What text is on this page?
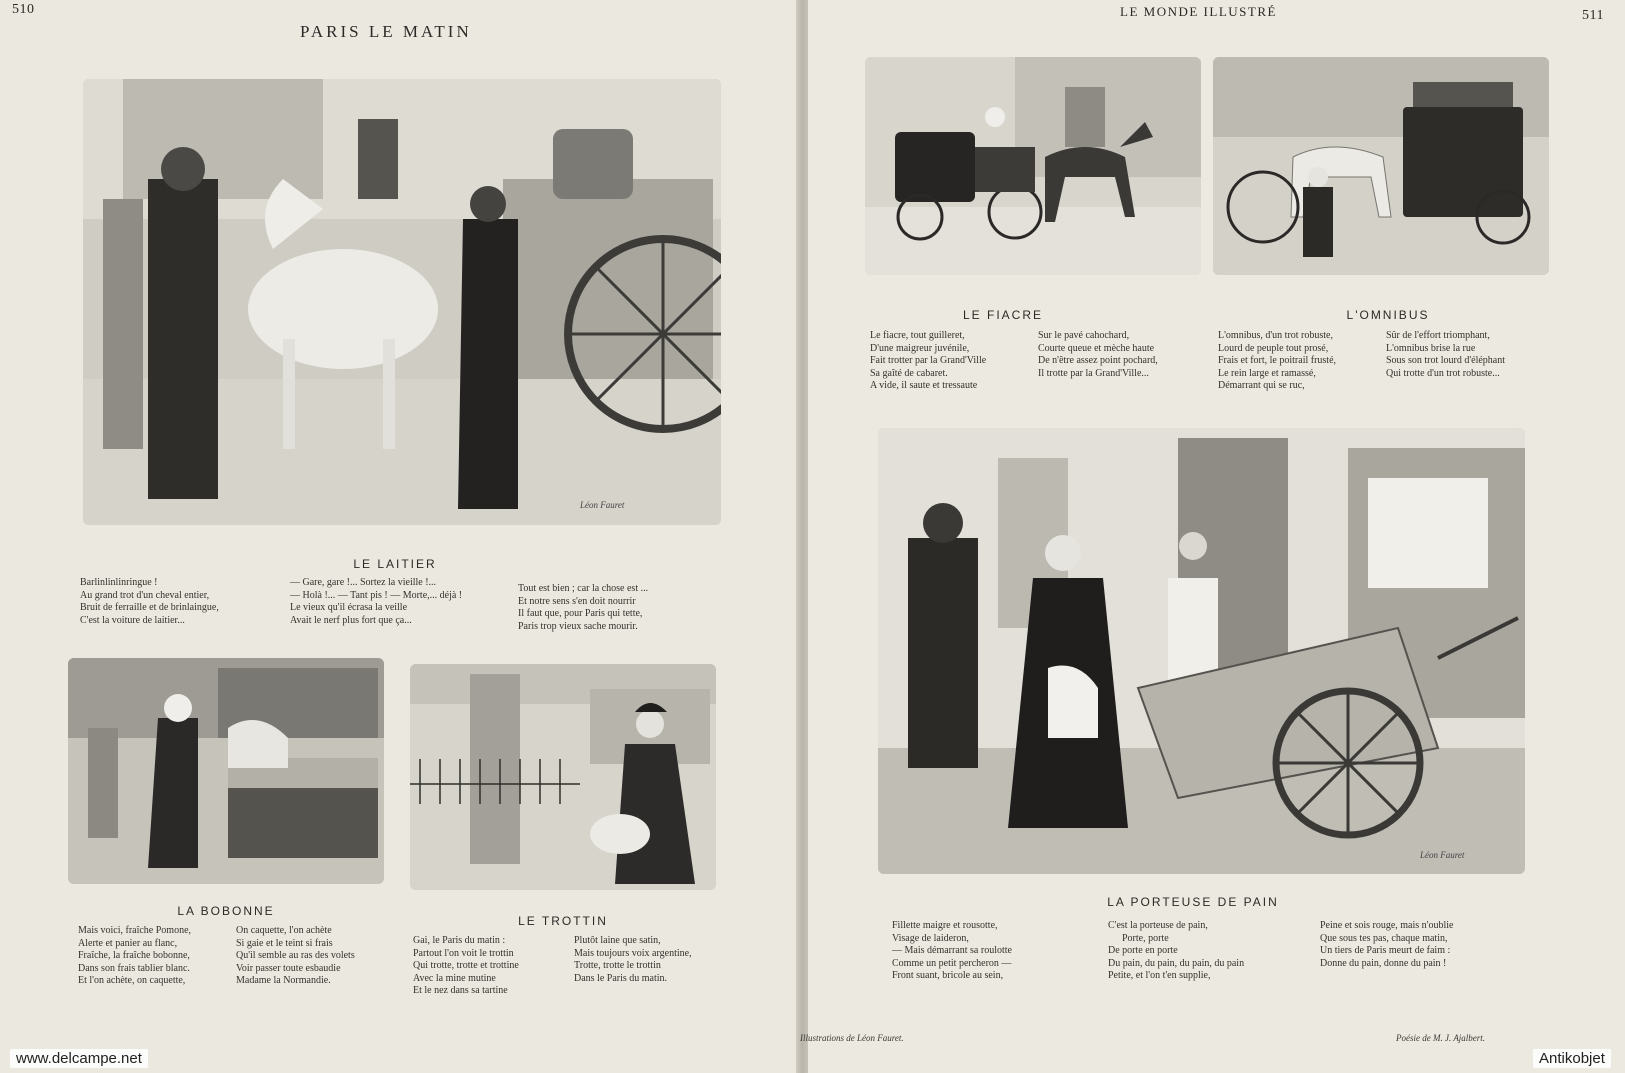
510
PARIS LE MATIN
Léon Fauret
LE LAITIER
Barlinlinlinringue !
Au grand trot d'un cheval entier,
Bruit de ferraille et de brinlaingue,
C'est la voiture de laitier...
— Gare, gare !... Sortez la vieille !...
— Holà !... — Tant pis ! — Morte,... déjà !
Le vieux qu'il écrasa la veille
Avait le nerf plus fort que ça...
Tout est bien ; car la chose est ...
Et notre sens s'en doit nourrir
Il faut que, pour Paris qui tette,
Paris trop vieux sache mourir.
LA BOBONNE
LE TROTTIN
Mais voici, fraîche Pomone,
Alerte et panier au flanc,
Fraîche, la fraîche bobonne,
Dans son frais tablier blanc.
Et l'on achète, on caquette,
On caquette, l'on achète
Si gaie et le teint si frais
Qu'il semble au ras des volets
Voir passer toute esbaudie
Madame la Normandie.
Gai, le Paris du matin :
Partout l'on voit le trottin
Qui trotte, trotte et trottine
Avec la mine mutine
Et le nez dans sa tartine
Plutôt laine que satin,
Mais toujours voix argentine,
Trotte, trotte le trottin
Dans le Paris du matin.
www.delcampe.net
LE MONDE ILLUSTRÉ	511
LE FIACRE	L'OMNIBUS
Le fiacre, tout guilleret,
D'une maigreur juvénile,
Fait trotter par la Grand'Ville
Sa gaîté de cabaret.
A vide, il saute et tressaute
Sur le pavé cahochard,
Courte queue et mèche haute
De n'être assez point pochard,
Il trotte par la Grand'Ville...
L'omnibus, d'un trot robuste,
Lourd de peuple tout prosé,
Frais et fort, le poitrail frusté,
Le rein large et ramassé,
Démarrant qui se ruc,
Sûr de l'effort triomphant,
L'omnibus brise la rue
Sous son trot lourd d'éléphant
Qui trotte d'un trot robuste...
Léon Fauret
LA PORTEUSE DE PAIN
Fillette maigre et rousotte,
Visage de laideron,
— Mais démarrant sa roulotte
Comme un petit percheron —
Front suant, bricole au sein,
C'est la porteuse de pain,
Porte, porte
De porte en porte
Du pain, du pain, du pain, du pain
Petite, et l'on t'en supplie,
Peine et sois rouge, mais n'oublie
Que sous tes pas, chaque matin,
Un tiers de Paris meurt de faim :
Donne du pain, donne du pain !
Illustrations de Léon Fauret.	Poésie de M. J. Ajalbert.
Antikobjet
